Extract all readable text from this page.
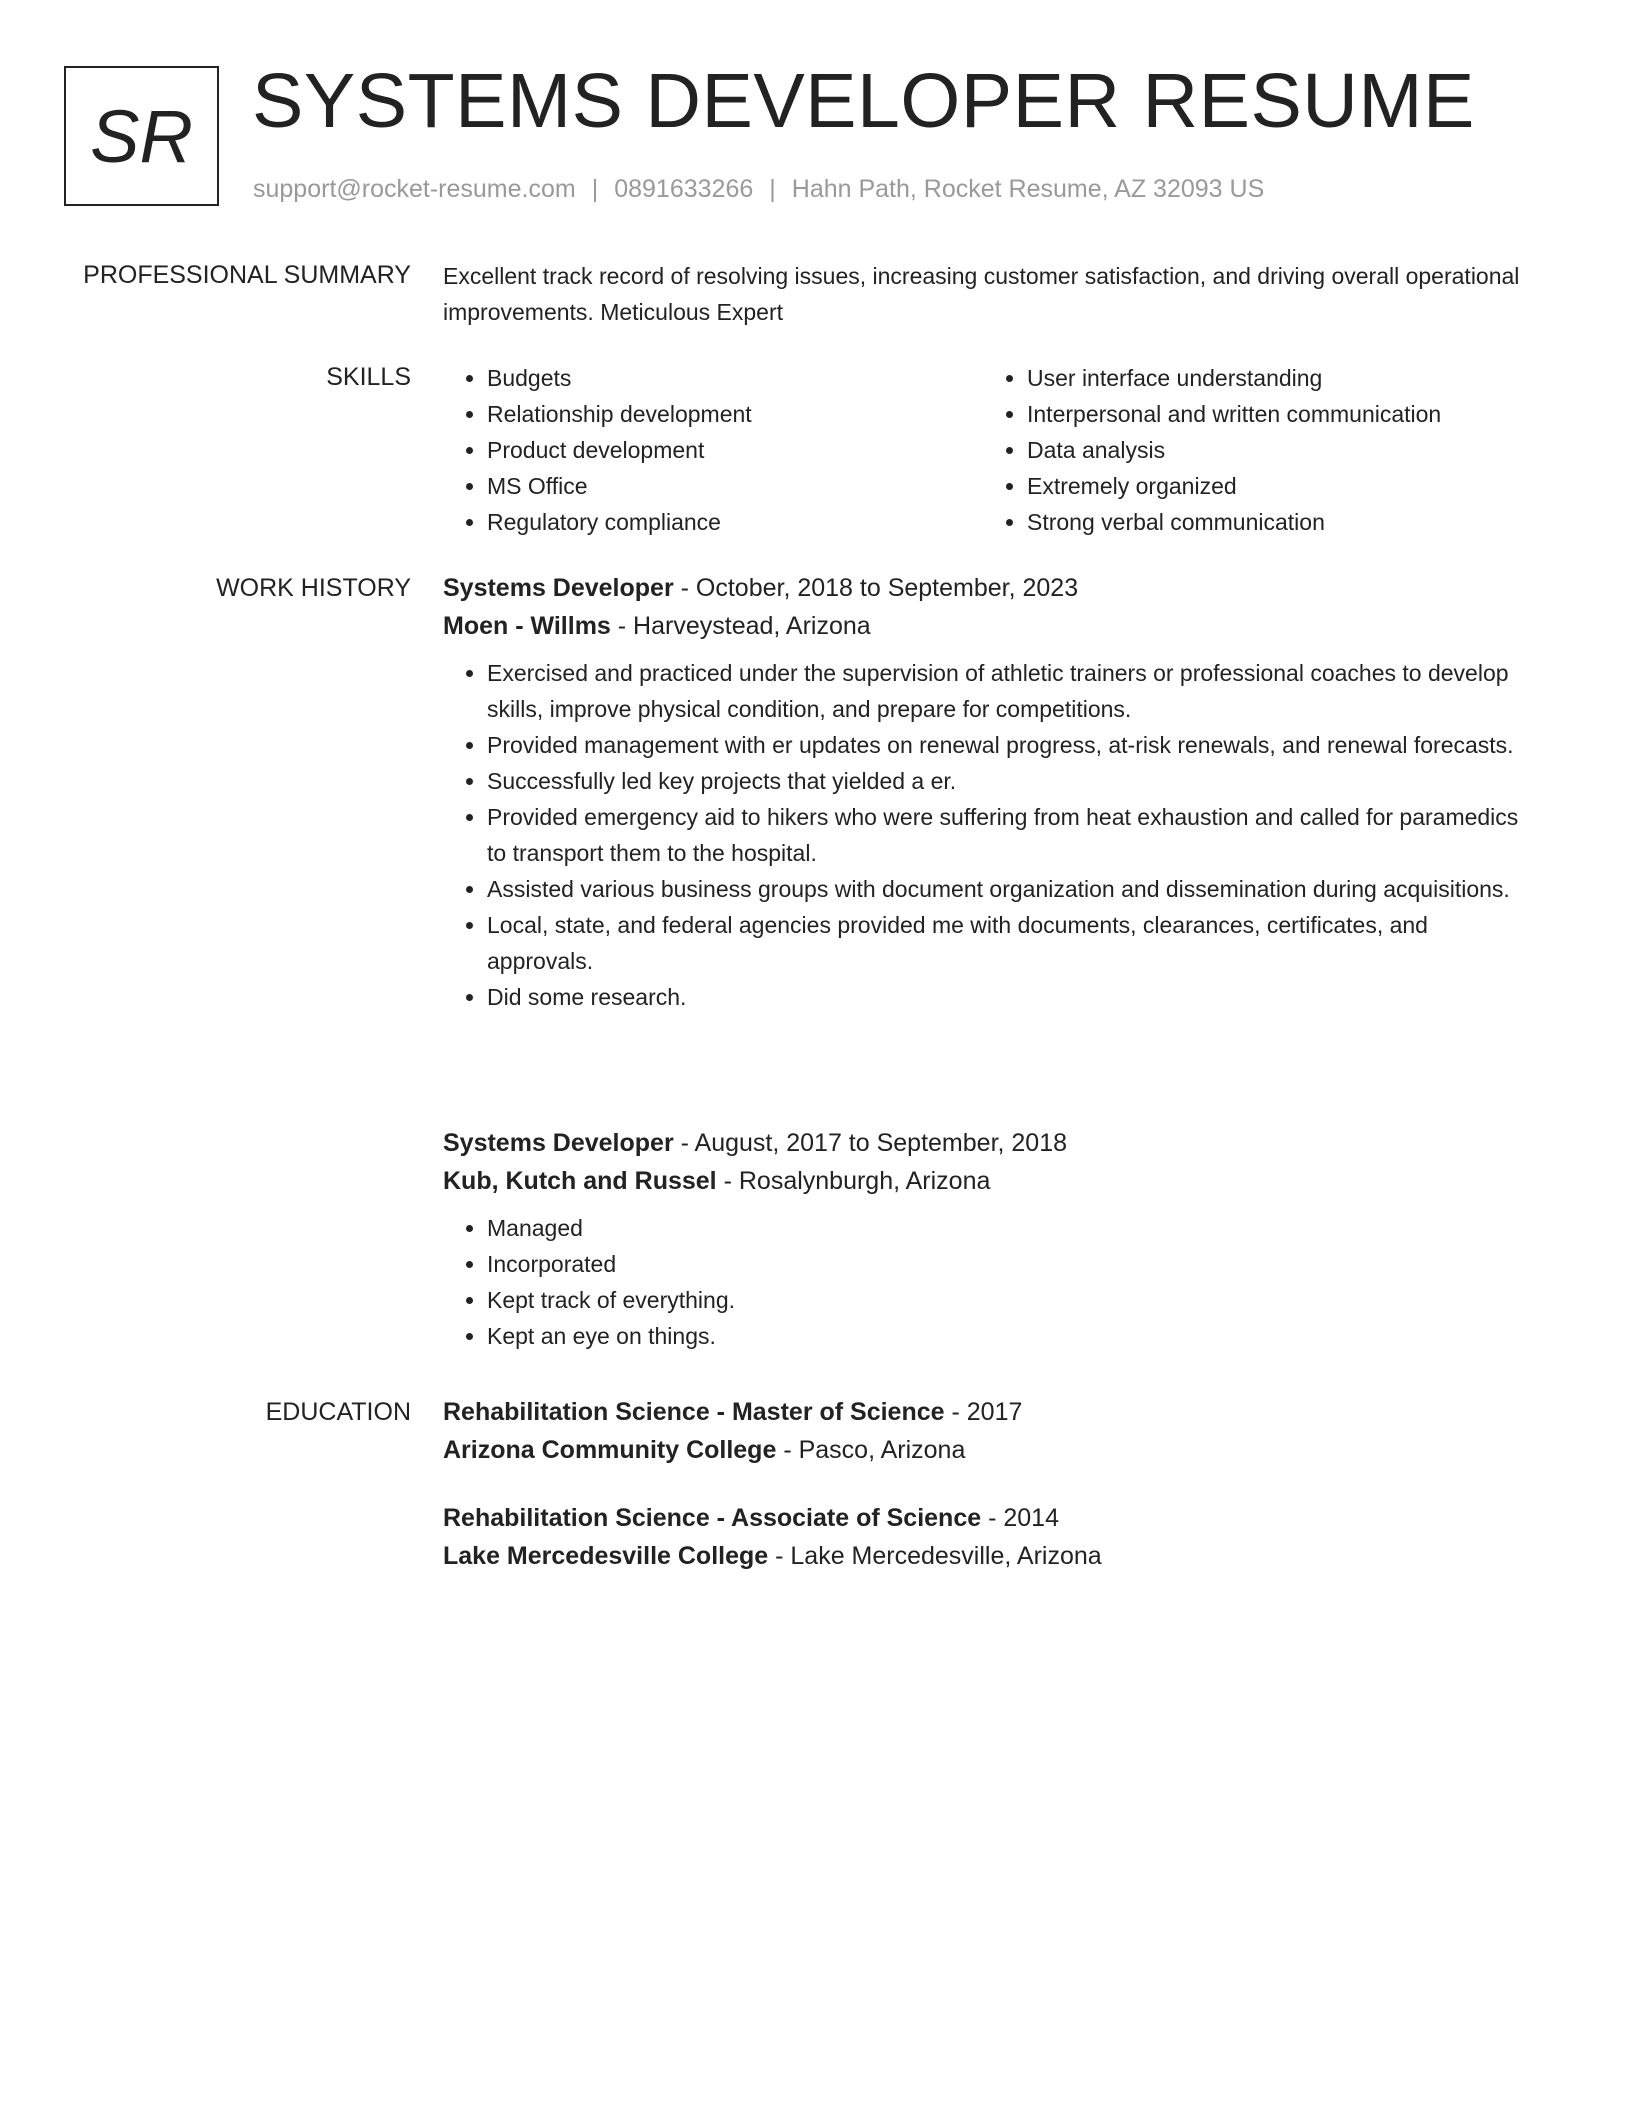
SR SYSTEMS DEVELOPER RESUME
support@rocket-resume.com | 0891633266 | Hahn Path, Rocket Resume, AZ 32093 US
PROFESSIONAL SUMMARY Excellent track record of resolving issues, increasing customer satisfaction, and driving overall operational improvements. Meticulous Expert

SKILLS
•	Budgets
• Relationship development
• Product development
• MS Office
• Regulatory compliance
• User interface understanding
• Interpersonal and written communication
• Data analysis
• Extremely organized
• Strong verbal communication
WORK HISTORY Systems Developer - October, 2018 to September, 2023
Moen - Willms - Harveystead, Arizona
• Exercised and practiced under the supervision of athletic trainers or professional coaches to develop skills, improve physical condition, and prepare for competitions.
• Provided management with er updates on renewal progress, at-risk renewals, and renewal forecasts.
• Successfully led key projects that yielded a er.
• Provided emergency aid to hikers who were suffering from heat exhaustion and called for paramedics to transport them to the hospital.
• Assisted various business groups with document organization and dissemination during acquisitions.
• Local, state, and federal agencies provided me with documents, clearances, certificates, and approvals.
• Did some research.
Systems Developer - August, 2017 to September, 2018
Kub, Kutch and Russel - Rosalynburgh, Arizona
• Managed
• Incorporated
• Kept track of everything.
• Kept an eye on things.
EDUCATION Rehabilitation Science - Master of Science - 2017
Arizona Community College - Pasco, Arizona
Rehabilitation Science - Associate of Science - 2014
Lake Mercedesville College - Lake Mercedesville, Arizona
